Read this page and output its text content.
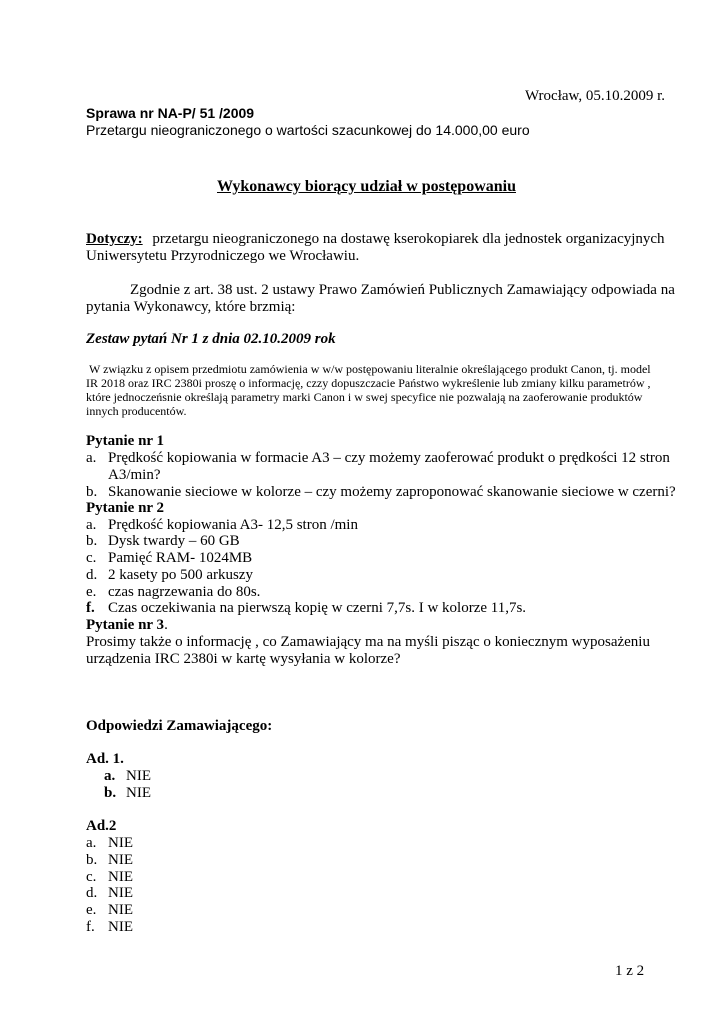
Wrocław, 05.10.2009 r.
Sprawa nr NA-P/ 51 /2009
Przetargu nieograniczonego o wartości szacunkowej do 14.000,00 euro
Wykonawcy biorący udział w postępowaniu
Dotyczy: przetargu nieograniczonego na dostawę kserokopiarek dla jednostek organizacyjnych
Uniwersytetu Przyrodniczego we Wrocławiu.
Zgodnie z art. 38 ust. 2 ustawy Prawo Zamówień Publicznych Zamawiający odpowiada na
pytania Wykonawcy, które brzmią:
Zestaw pytań Nr 1 z dnia 02.10.2009 rok
W związku z opisem przedmiotu zamówienia w w/w postępowaniu literalnie określającego produkt Canon, tj. model
IR 2018 oraz IRC 2380i proszę o informację, czzy dopuszczacie Państwo wykreślenie lub zmiany kilku parametrów ,
które jednoczeńsnie określają parametry marki Canon i w swej specyfice nie pozwalają na zaoferowanie produktów
innych producentów.
Pytanie nr 1
a. Prędkość kopiowania w formacie A3 – czy możemy zaoferować produkt o prędkości 12 stron
A3/min?
b. Skanowanie sieciowe w kolorze – czy możemy zaproponować skanowanie sieciowe w czerni?
Pytanie nr 2
a. Prędkość kopiowania A3- 12,5 stron /min
b. Dysk twardy – 60 GB
c. Pamięć RAM- 1024MB
d. 2 kasety po 500 arkuszy
e. czas nagrzewania do 80s.
f. Czas oczekiwania na pierwszą kopię w czerni 7,7s. I w kolorze 11,7s.
Pytanie nr 3.
Prosimy także o informację , co Zamawiający ma na myśli pisząc o koniecznym wyposażeniu
urządzenia IRC 2380i w kartę wysyłania w kolorze?
Odpowiedzi Zamawiającego:
Ad. 1.
a. NIE
b. NIE
Ad.2
a. NIE
b. NIE
c. NIE
d. NIE
e. NIE
f. NIE
1 z 2
